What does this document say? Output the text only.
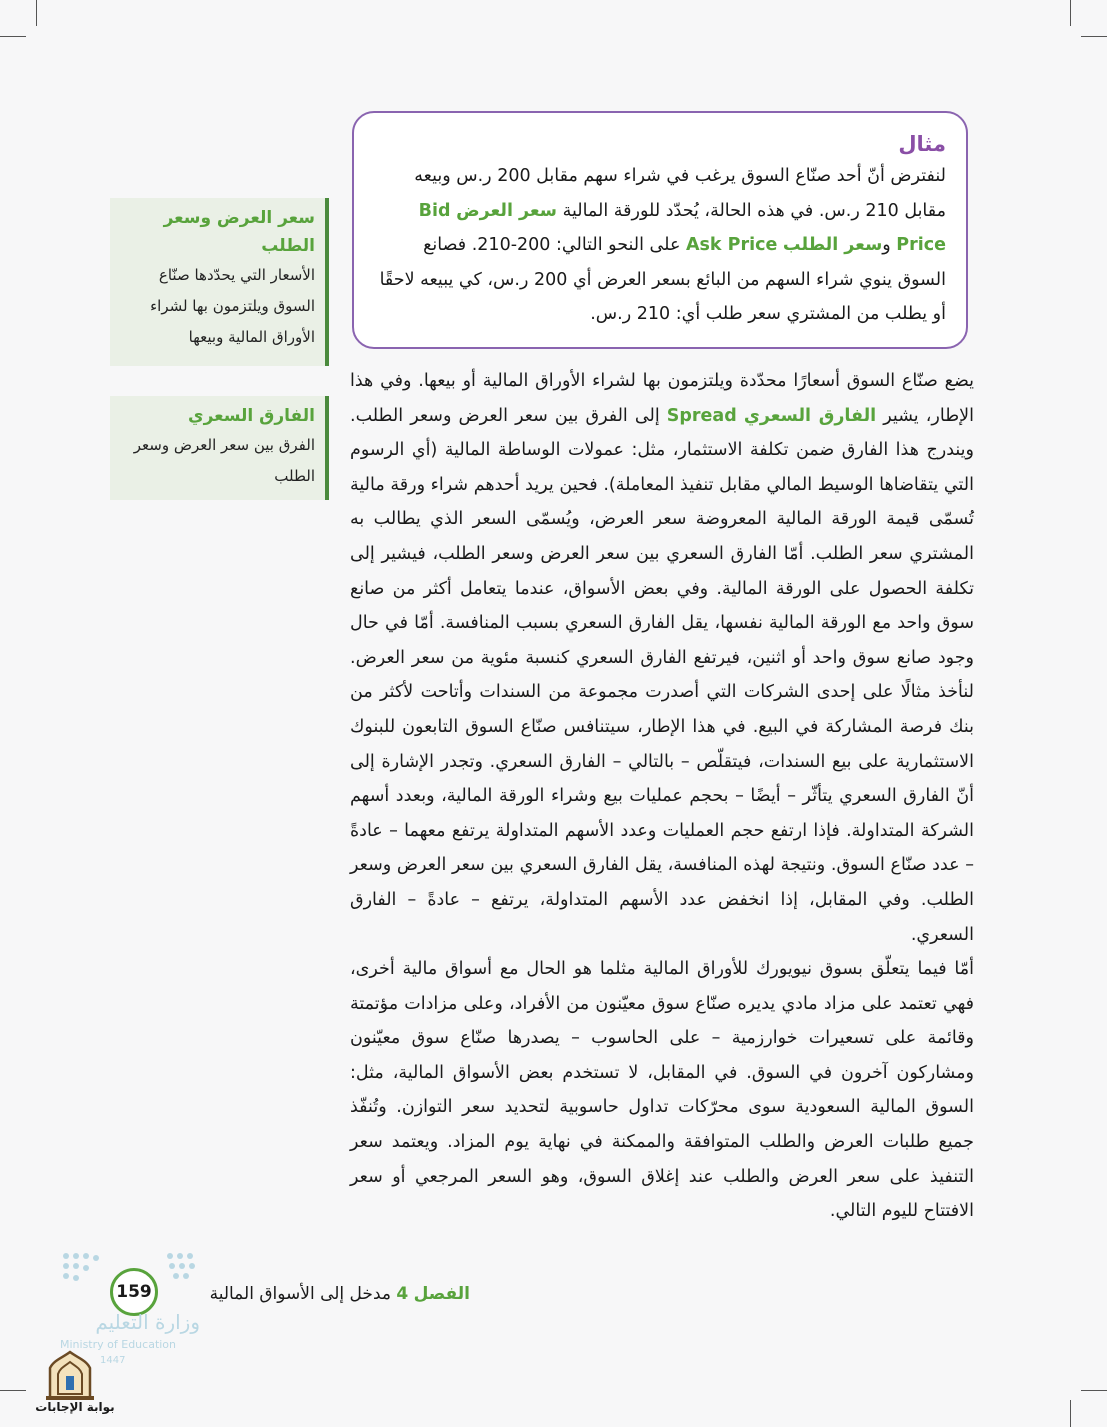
مثال

لنفترض أنّ أحد صنّاع السوق يرغب في شراء سهم مقابل 200 ر.س وبيعه مقابل 210 ر.س. في هذه الحالة، يُحدّد للورقة المالية سعر العرض Bid Price وسعر الطلب Ask Price على النحو التالي: 200-210. فصانع السوق ينوي شراء السهم من البائع بسعر العرض أي 200 ر.س، كي يبيعه لاحقًا أو يطلب من المشتري سعر طلب أي: 210 ر.س.

سعر العرض وسعر الطلب
الأسعار التي يحدّدها صنّاع السوق ويلتزمون بها لشراء الأوراق المالية وبيعها
الفارق السعري
الفرق بين سعر العرض وسعر الطلب

يضع صنّاع السوق أسعارًا محدّدة ويلتزمون بها لشراء الأوراق المالية أو بيعها. وفي هذا الإطار، يشير الفارق السعري Spread إلى الفرق بين سعر العرض وسعر الطلب. ويندرج هذا الفارق ضمن تكلفة الاستثمار، مثل: عمولات الوساطة المالية (أي الرسوم التي يتقاضاها الوسيط المالي مقابل تنفيذ المعاملة). فحين يريد أحدهم شراء ورقة مالية تُسمّى قيمة الورقة المالية المعروضة سعر العرض، ويُسمّى السعر الذي يطالب به المشتري سعر الطلب. أمّا الفارق السعري بين سعر العرض وسعر الطلب، فيشير إلى تكلفة الحصول على الورقة المالية. وفي بعض الأسواق، عندما يتعامل أكثر من صانع سوق واحد مع الورقة المالية نفسها، يقل الفارق السعري بسبب المنافسة. أمّا في حال وجود صانع سوق واحد أو اثنين، فيرتفع الفارق السعري كنسبة مئوية من سعر العرض. لنأخذ مثالًا على إحدى الشركات التي أصدرت مجموعة من السندات وأتاحت لأكثر من بنك فرصة المشاركة في البيع. في هذا الإطار، سيتنافس صنّاع السوق التابعون للبنوك الاستثمارية على بيع السندات، فيتقلّص – بالتالي – الفارق السعري. وتجدر الإشارة إلى أنّ الفارق السعري يتأثّر – أيضًا – بحجم عمليات بيع وشراء الورقة المالية، وبعدد أسهم الشركة المتداولة. فإذا ارتفع حجم العمليات وعدد الأسهم المتداولة يرتفع معهما – عادةً – عدد صنّاع السوق. ونتيجة لهذه المنافسة، يقل الفارق السعري بين سعر العرض وسعر الطلب. وفي المقابل، إذا انخفض عدد الأسهم المتداولة، يرتفع – عادةً – الفارق السعري.

أمّا فيما يتعلّق بسوق نيويورك للأوراق المالية مثلما هو الحال مع أسواق مالية أخرى، فهي تعتمد على مزاد مادي يديره صنّاع سوق معيّنون من الأفراد، وعلى مزادات مؤتمتة وقائمة على تسعيرات خوارزمية – على الحاسوب – يصدرها صنّاع سوق معيّنون ومشاركون آخرون في السوق. في المقابل، لا تستخدم بعض الأسواق المالية، مثل: السوق المالية السعودية سوى محرّكات تداول حاسوبية لتحديد سعر التوازن. وتُنفّذ جميع طلبات العرض والطلب المتوافقة والممكنة في نهاية يوم المزاد. ويعتمد سعر التنفيذ على سعر العرض والطلب عند إغلاق السوق، وهو السعر المرجعي أو سعر الافتتاح لليوم التالي.

الفصل 4 مدخل إلى الأسواق المالية
159
وزارة التعليم
Ministry of Education
1447
بوابة الإجابات
